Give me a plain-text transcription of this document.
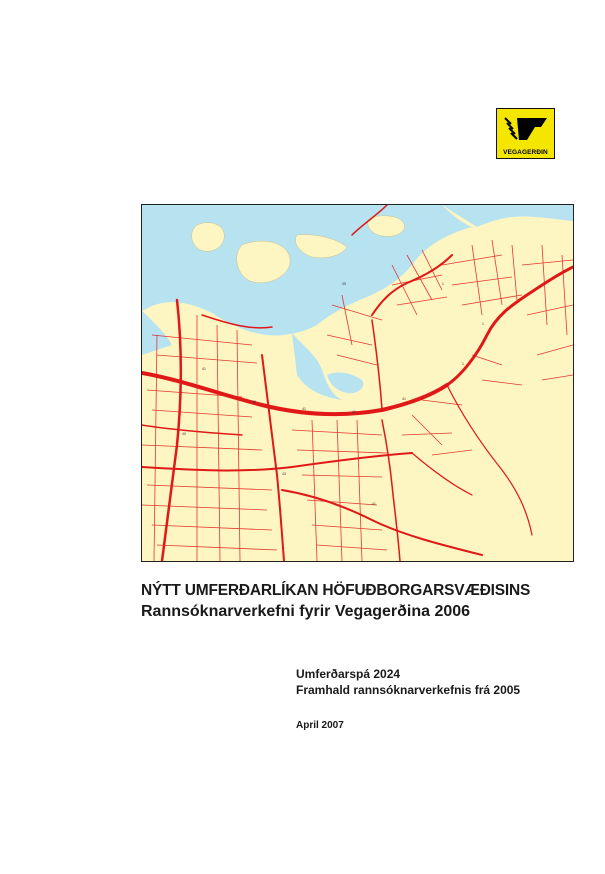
VEGAGERÐIN
41
49
41
41
41
1
1
40
43
41
1
45
NÝTT UMFERÐARLÍKAN HÖFUÐBORGARSVÆÐISINS
Rannsóknarverkefni fyrir Vegagerðina 2006
Umferðarspá 2024
Framhald rannsóknarverkefnis frá 2005
April 2007
